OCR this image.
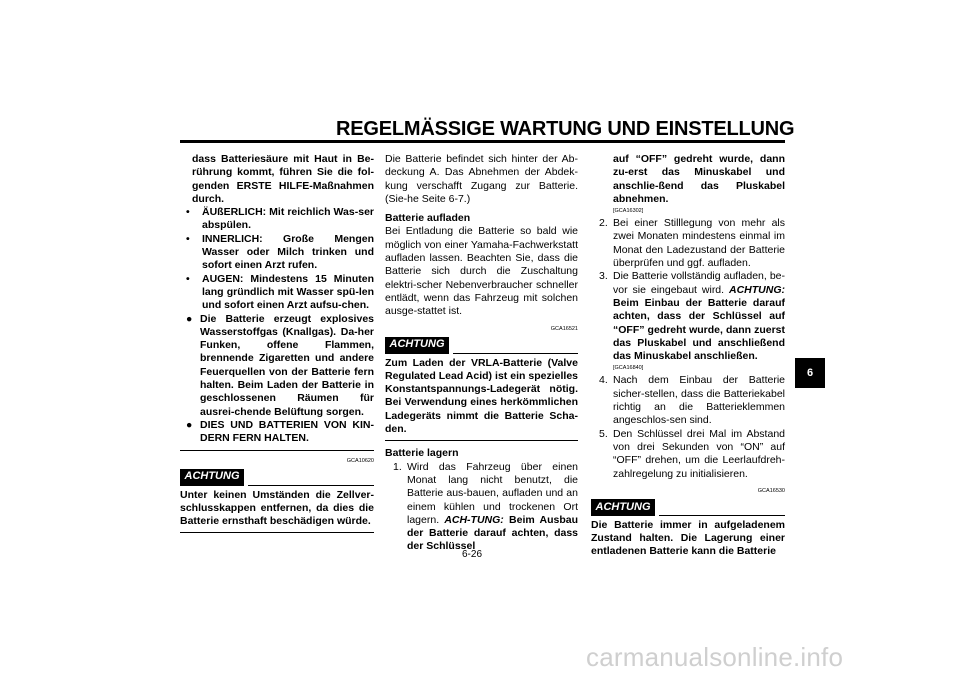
REGELMÄSSIGE WARTUNG UND EINSTELLUNG
6

dass Batteriesäure mit Haut in Be-rührung kommt, führen Sie die fol-genden ERSTE HILFE-Maßnahmen durch.

• ÄUßERLICH: Mit reichlich Was-ser abspülen.
• INNERLICH: Große Mengen Wasser oder Milch trinken und sofort einen Arzt rufen.
• AUGEN: Mindestens 15 Minuten lang gründlich mit Wasser spü-len und sofort einen Arzt aufsu-chen.
● Die Batterie erzeugt explosives Wasserstoffgas (Knallgas). Da-her Funken, offene Flammen, brennende Zigaretten und andere Feuerquellen von der Batterie fern halten. Beim Laden der Batterie in geschlossenen Räumen für ausrei-chende Belüftung sorgen.
● DIES UND BATTERIEN VON KIN-DERN FERN HALTEN.

GCA10620

ACHTUNG

Unter keinen Umständen die Zellver-schlusskappen entfernen, da dies die Batterie ernsthaft beschädigen würde.

Die Batterie befindet sich hinter der Ab-deckung A. Das Abnehmen der Abdek-kung verschafft Zugang zur Batterie. (Sie-he Seite 6-7.)

Batterie aufladen

Bei Entladung die Batterie so bald wie möglich von einer Yamaha-Fachwerkstatt aufladen lassen. Beachten Sie, dass die Batterie sich durch die Zuschaltung elektri-scher Nebenverbraucher schneller entlädt, wenn das Fahrzeug mit solchen ausge-stattet ist.

GCA16521

ACHTUNG

Zum Laden der VRLA-Batterie (Valve Regulated Lead Acid) ist ein spezielles Konstantspannungs-Ladegerät nötig. Bei Verwendung eines herkömmlichen Ladegeräts nimmt die Batterie Scha-den.

Batterie lagern

1. Wird das Fahrzeug über einen Monat lang nicht benutzt, die Batterie aus-bauen, aufladen und an einem kühlen und trockenen Ort lagern. ACH-TUNG: Beim Ausbau der Batterie darauf achten, dass der Schlüssel

auf “OFF” gedreht wurde, dann zu-erst das Minuskabel und anschlie-ßend das Pluskabel abnehmen.

[GCA16302]

2. Bei einer Stilllegung von mehr als zwei Monaten mindestens einmal im Monat den Ladezustand der Batterie überprüfen und ggf. aufladen.
3. Die Batterie vollständig aufladen, be-vor sie eingebaut wird. ACHTUNG: Beim Einbau der Batterie darauf achten, dass der Schlüssel auf “OFF” gedreht wurde, dann zuerst das Pluskabel und anschließend das Minuskabel anschließen.

[GCA16840]

4. Nach dem Einbau der Batterie sicher-stellen, dass die Batteriekabel richtig an die Batterieklemmen angeschlos-sen sind.
5. Den Schlüssel drei Mal im Abstand von drei Sekunden von “ON” auf “OFF” drehen, um die Leerlaufdreh-zahlregelung zu initialisieren.

GCA16530

ACHTUNG

Die Batterie immer in aufgeladenem Zustand halten. Die Lagerung einer entladenen Batterie kann die Batterie

6-26
carmanualsonline.info
